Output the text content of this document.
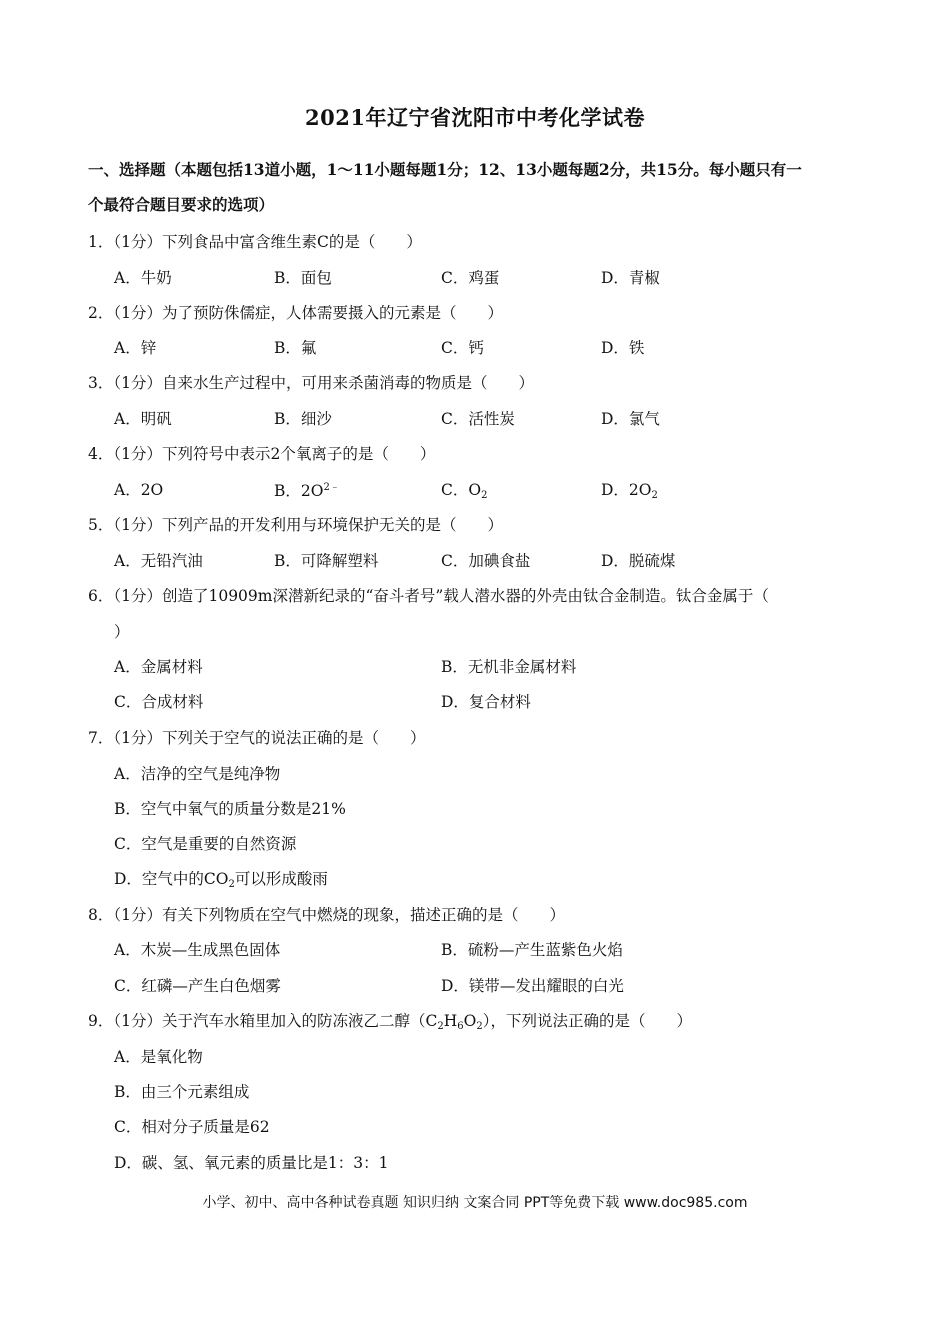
2021年辽宁省沈阳市中考化学试卷
一、选择题（本题包括13道小题，1～11小题每题1分；12、13小题每题2分，共15分。每小题只有一
个最符合题目要求的选项）
1．（1分）下列食品中富含维生素C的是（　　）
A．牛奶	B．面包	C．鸡蛋	D．青椒
2．（1分）为了预防侏儒症，人体需要摄入的元素是（　　）
A．锌	B．氟	C．钙	D．铁
3．（1分）自来水生产过程中，可用来杀菌消毒的物质是（　　）
A．明矾	B．细沙	C．活性炭	D．氯气
4．（1分）下列符号中表示2个氧离子的是（　　）
A．2O	B．$2O^{2﹣}$	C．$O_2$	D．$2O_2$
5．（1分）下列产品的开发利用与环境保护无关的是（　　）
A．无铅汽油	B．可降解塑料	C．加碘食盐	D．脱硫煤
6．（1分）创造了10909m深潜新纪录的“奋斗者号”载人潜水器的外壳由钛合金制造。钛合金属于（
）
A．金属材料	B．无机非金属材料
C．合成材料	D．复合材料
7．（1分）下列关于空气的说法正确的是（　　）
A．洁净的空气是纯净物
B．空气中氧气的质量分数是21%
C．空气是重要的自然资源
D．空气中的$CO_2$可以形成酸雨
8．（1分）有关下列物质在空气中燃烧的现象，描述正确的是（　　）
A．木炭—生成黑色固体	B．硫粉—产生蓝紫色火焰
C．红磷—产生白色烟雾	D．镁带—发出耀眼的白光
9．（1分）关于汽车水箱里加入的防冻液乙二醇$(C_2H_6O_2)$，下列说法正确的是（　　）
A．是氧化物
B．由三个元素组成
C．相对分子质量是62
D．碳、氢、氧元素的质量比是1：3：1
小学、初中、高中各种试卷真题 知识归纳 文案合同 PPT等免费下载 www.doc985.com
